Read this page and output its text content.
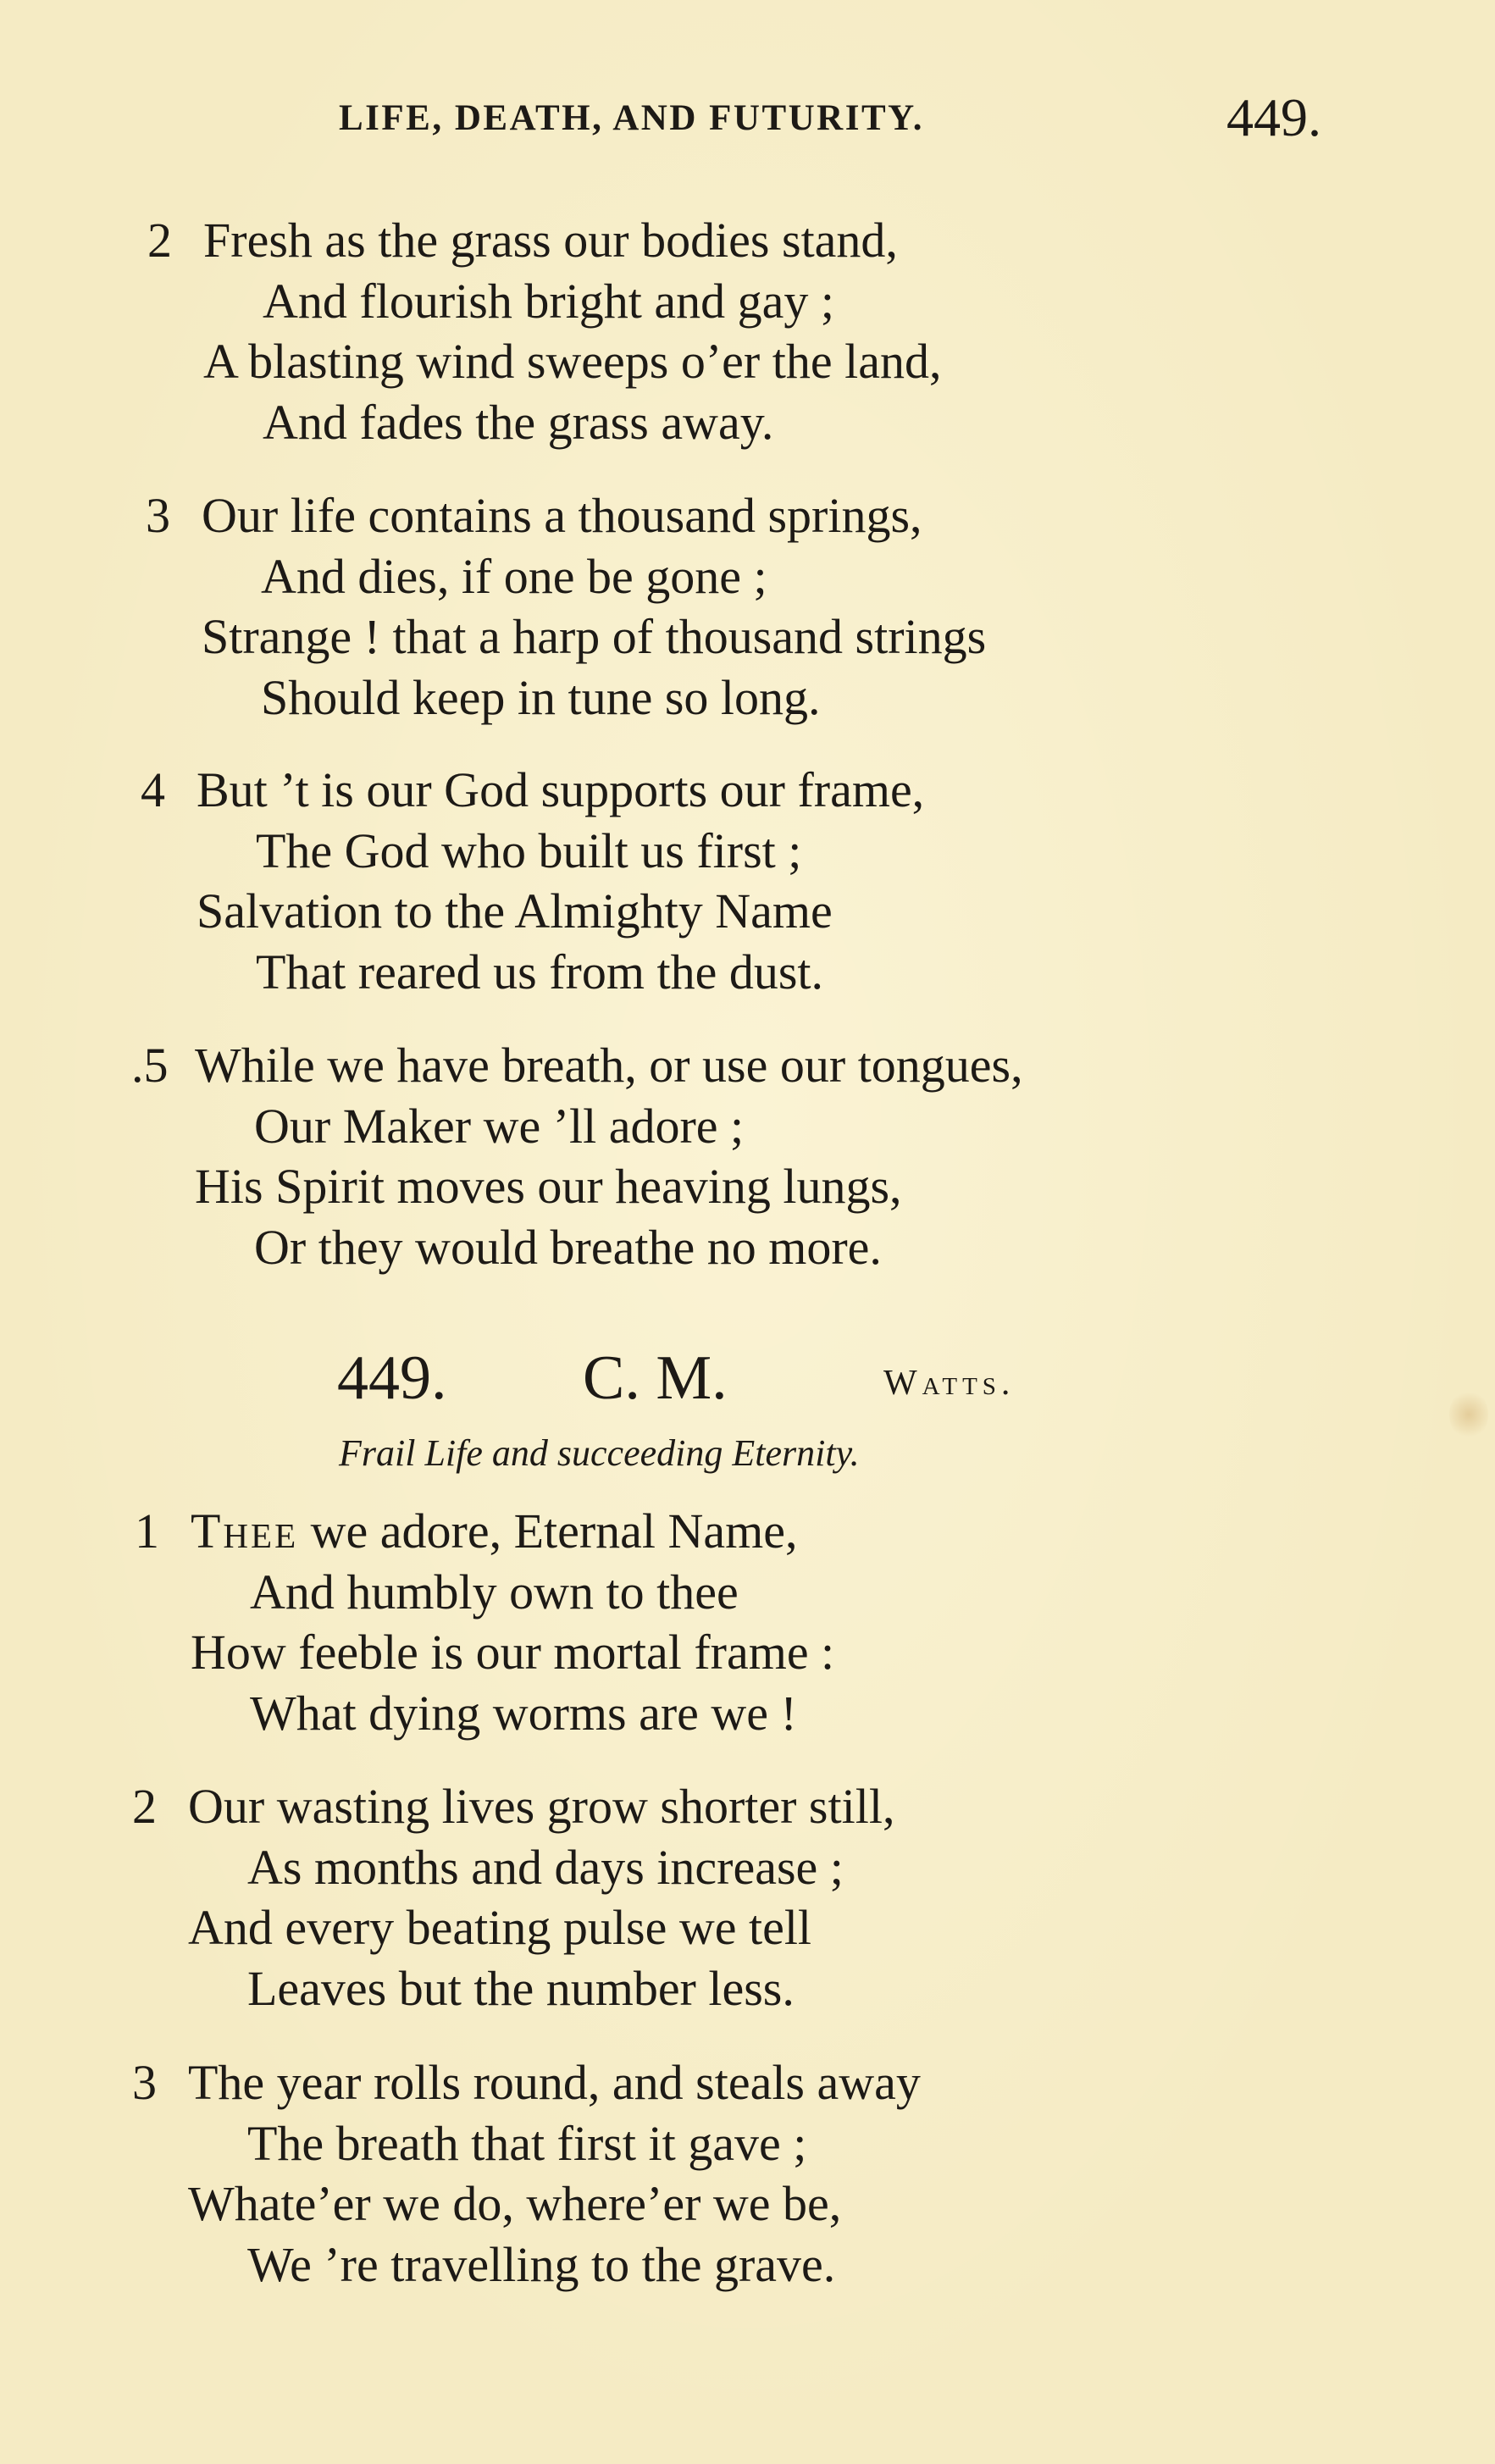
LIFE, DEATH, AND FUTURITY.	449.
2 Fresh as the grass our bodies stand,
And flourish bright and gay ;
A blasting wind sweeps o’er the land,
And fades the grass away.
3 Our life contains a thousand springs,
And dies, if one be gone ;
Strange ! that a harp of thousand strings
Should keep in tune so long.
4 But ’t is our God supports our frame,
The God who built us first ;
Salvation to the Almighty Name
That reared us from the dust.
.5 While we have breath, or use our tongues,
Our Maker we ’ll adore ;
His Spirit moves our heaving lungs,
Or they would breathe no more.
449. C. M.	Watts.
Frail Life and succeeding Eternity.
1 Thee we adore, Eternal Name,
And humbly own to thee
How feeble is our mortal frame :
What dying worms are we !
2 Our wasting lives grow shorter still,
As months and days increase ;
And every beating pulse we tell
Leaves but the number less.
3 The year rolls round, and steals away
The breath that first it gave ;
Whate’er we do, where’er we be,
We ’re travelling to the grave.
